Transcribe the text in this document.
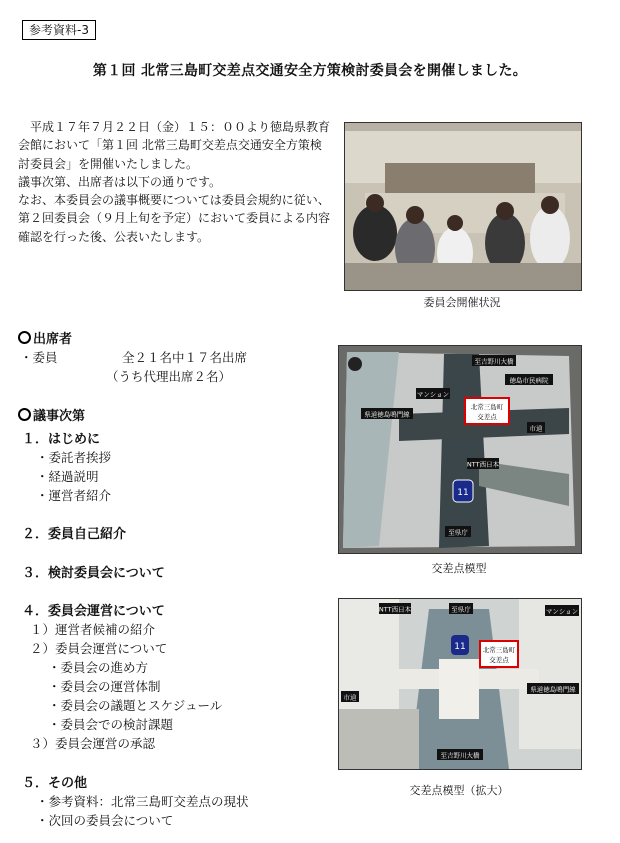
参考資料-3
第１回 北常三島町交差点交通安全方策検討委員会を開催しました。

平成１７年７月２２日（金）１５：００より徳島県教育会館において「第１回 北常三島町交差点交通安全方策検討委員会」を開催いたしました。

議事次第、出席者は以下の通りです。

なお、本委員会の議事概要については委員会規約に従い、第２回委員会（９月上旬を予定）において委員による内容確認を行った後、公表いたします。

委員会開催状況
至吉野川大橋
マンション
徳島市民病院
県道徳島鳴門線
北常三島町
交差点
市道
NTT西日本
11
至県庁
交差点模型
NTT西日本	至県庁	マンション
11	北常三島町
交差点
県道徳島鳴門線
市道
至吉野川大橋
交差点模型（拡大）
出席者
・委員	全２１名中１７名出席
（うち代理出席２名）
議事次第
１．はじめに
・委託者挨拶
・経過説明
・運営者紹介
２．委員自己紹介
３．検討委員会について
４．委員会運営について
１）運営者候補の紹介
２）委員会運営について
・委員会の進め方
・委員会の運営体制
・委員会の議題とスケジュール
・委員会での検討課題
３）委員会運営の承認
５．その他
・参考資料：北常三島町交差点の現状
・次回の委員会について
